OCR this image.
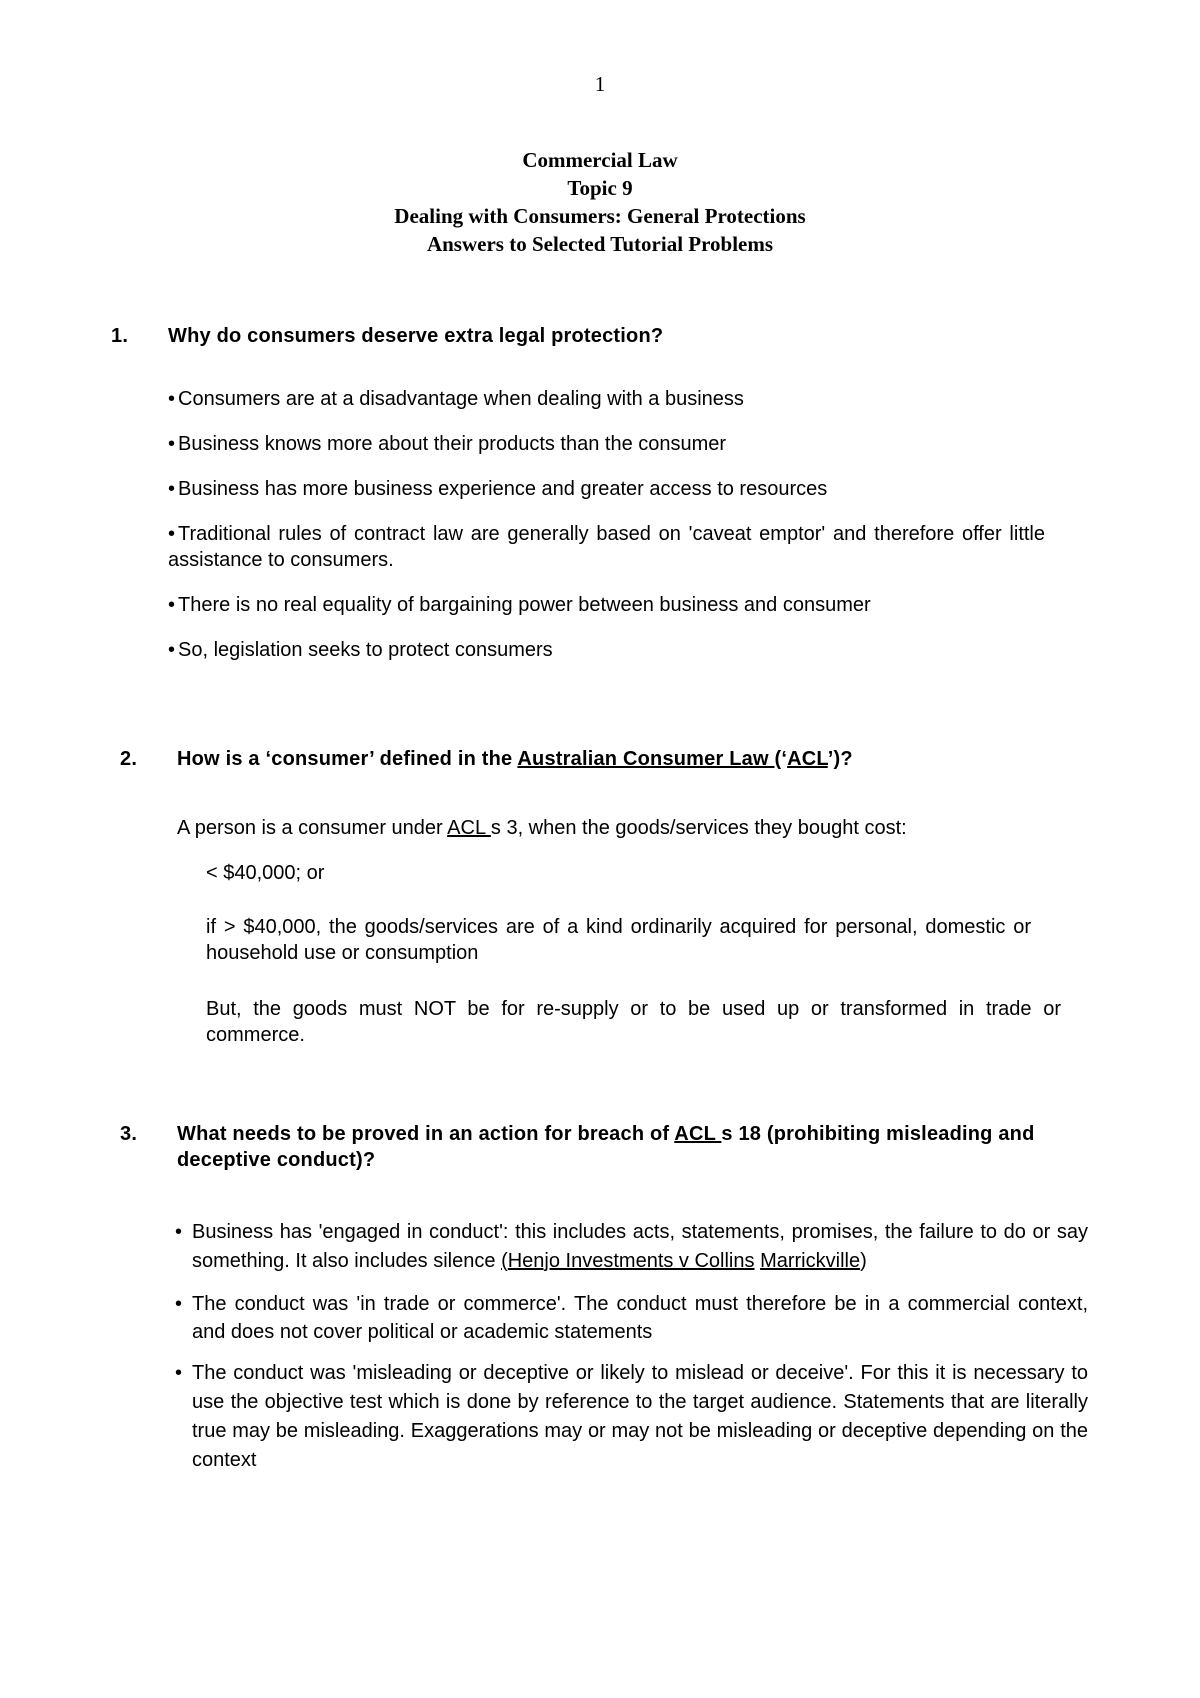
1
Commercial Law
Topic 9
Dealing with Consumers: General Protections
Answers to Selected Tutorial Problems
1. Why do consumers deserve extra legal protection?
• Consumers are at a disadvantage when dealing with a business
• Business knows more about their products than the consumer
• Business has more business experience and greater access to resources
• Traditional rules of contract law are generally based on 'caveat emptor' and therefore offer little assistance to consumers.
• There is no real equality of bargaining power between business and consumer
• So, legislation seeks to protect consumers
2. How is a ‘consumer’ defined in the Australian Consumer Law (‘ACL’)?
A person is a consumer under ACL s 3, when the goods/services they bought cost:
< $40,000; or
if > $40,000, the goods/services are of a kind ordinarily acquired for personal, domestic or household use or consumption
But, the goods must NOT be for re-supply or to be used up or transformed in trade or commerce.
3.	What needs to be proved in an action for breach of ACL s 18 (prohibiting misleading and deceptive conduct)?
• Business has 'engaged in conduct': this includes acts, statements, promises, the failure to do or say something. It also includes silence (Henjo Investments v Collins Marrickville)
• The conduct was 'in trade or commerce'. The conduct must therefore be in a commercial context, and does not cover political or academic statements
• The conduct was 'misleading or deceptive or likely to mislead or deceive'. For this it is necessary to use the objective test which is done by reference to the target audience. Statements that are literally true may be misleading. Exaggerations may or may not be misleading or deceptive depending on the context
